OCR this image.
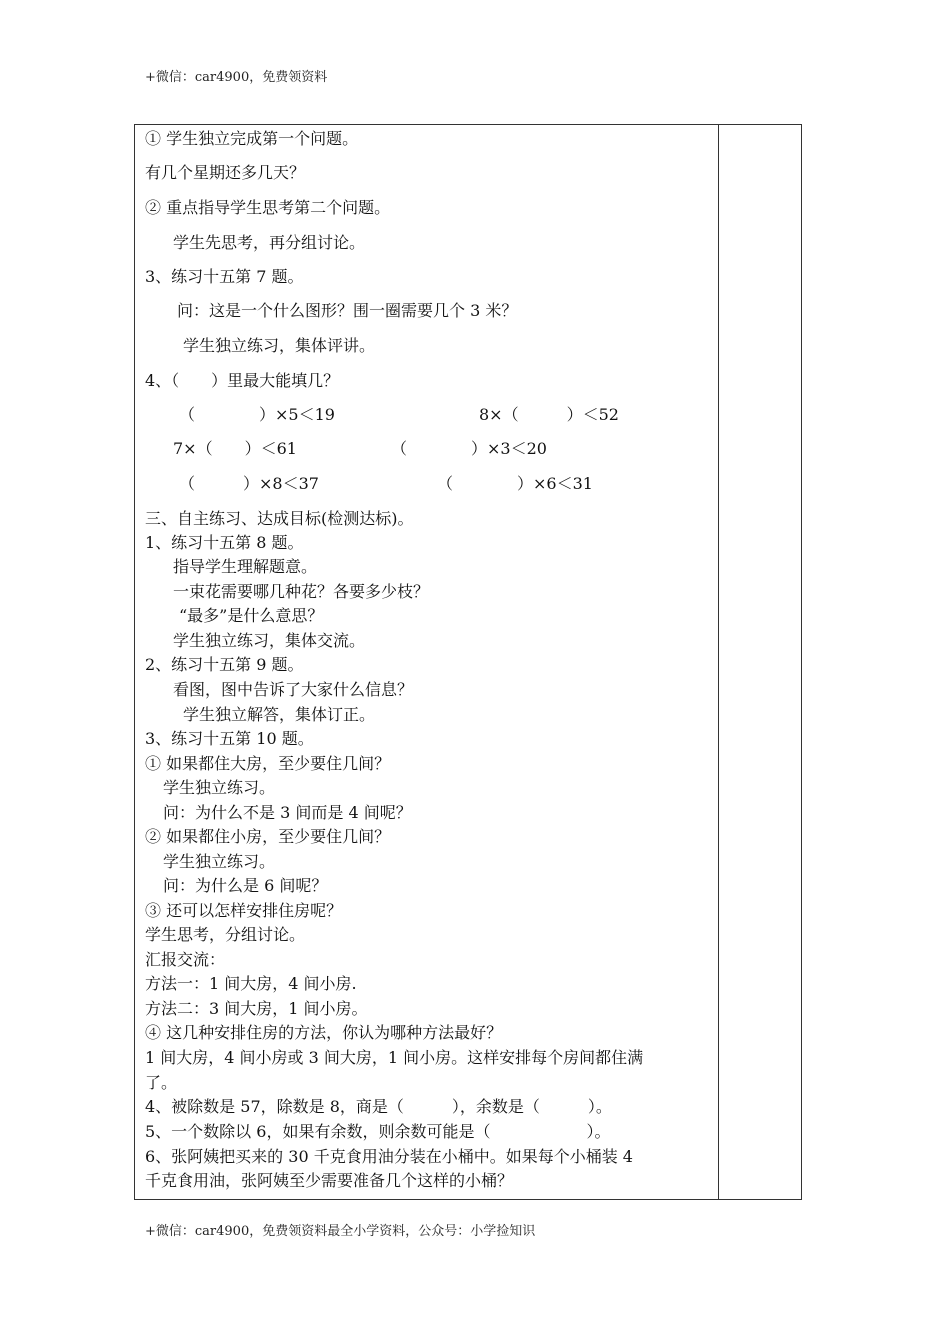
+微信：car4900，免费领资料
① 学生独立完成第一个问题。
有几个星期还多几天？
② 重点指导学生思考第二个问题。
学生先思考，再分组讨论。
3、练习十五第 7 题。
问：这是一个什么图形？围一圈需要几个 3 米？
学生独立练习，集体评讲。
4、（　　）里最大能填几？
（　　　　）×5＜19	8×（　　　）＜52
7×（　　）＜61	（　　　　）×3＜20
（　　　）×8＜37	（　　　　）×6＜31
三、自主练习、达成目标(检测达标)。
1、练习十五第 8 题。
指导学生理解题意。
一束花需要哪几种花？各要多少枝？
“最多”是什么意思？
学生独立练习，集体交流。
2、练习十五第 9 题。
看图，图中告诉了大家什么信息？
学生独立解答，集体订正。
3、练习十五第 10 题。
① 如果都住大房，至少要住几间？
学生独立练习。
问：为什么不是 3 间而是 4 间呢？
② 如果都住小房，至少要住几间？
学生独立练习。
问：为什么是 6 间呢？
③ 还可以怎样安排住房呢？
学生思考，分组讨论。
汇报交流：
方法一：1 间大房，4 间小房.
方法二：3 间大房，1 间小房。
④ 这几种安排住房的方法，你认为哪种方法最好？
1 间大房，4 间小房或 3 间大房，1 间小房。这样安排每个房间都住满
了。
4、被除数是 57，除数是 8，商是（　　　），余数是（　　　）。
5、一个数除以 6，如果有余数，则余数可能是（　　　　　　）。
6、张阿姨把买来的 30 千克食用油分装在小桶中。如果每个小桶装 4
千克食用油，张阿姨至少需要准备几个这样的小桶？
+微信：car4900，免费领资料最全小学资料，公众号：小学捡知识
